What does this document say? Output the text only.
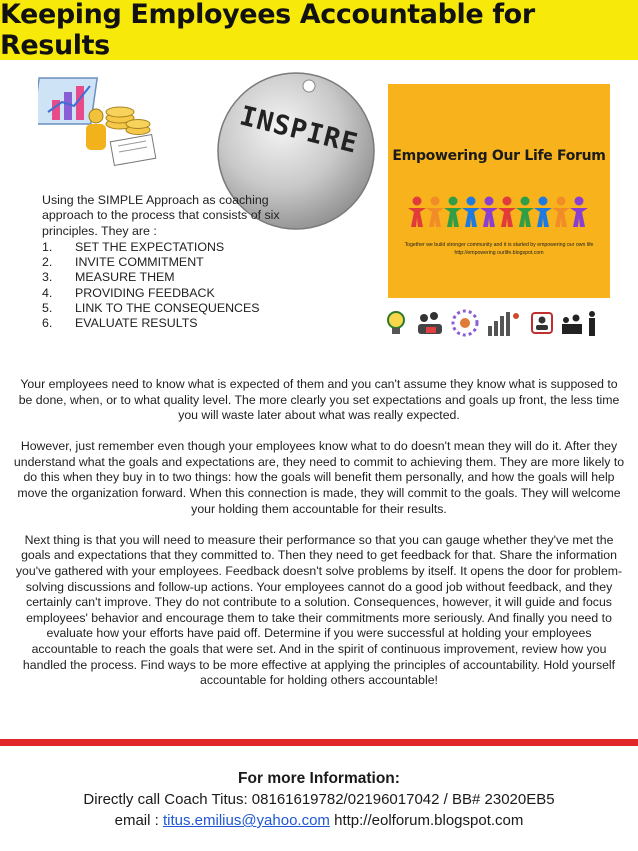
Keeping Employees Accountable for Results
INSPIRE

Using the SIMPLE Approach as coaching approach to the process that consists of six principles. They are :

1.	SET THE EXPECTATIONS
2.	INVITE COMMITMENT
3.	MEASURE THEM
4.	PROVIDING FEEDBACK
5.	LINK TO THE CONSEQUENCES
6.	EVALUATE RESULTS
Empowering Our Life Forum
Together we build stronger community and it is started by empowering our own life
http://empowering ourlife.blogspot.com

Your employees need to know what is expected of them and you can't assume they know what is supposed to be done, when, or to what quality level. The more clearly you set expectations and goals up front, the less time you will waste later about what was really expected.

However, just remember even though your employees know what to do doesn't mean they will do it. After they understand what the goals and expectations are, they need to commit to achieving them. They are more likely to do this when they buy in to two things: how the goals will benefit them personally, and how the goals will help move the organization forward. When this connection is made, they will commit to the goals. They will welcome your holding them accountable for their results.

Next thing is that you will need to measure their performance so that you can gauge whether they've met the goals and expectations that they committed to. Then they need to get feedback for that. Share the information you've gathered with your employees. Feedback doesn't solve problems by itself. It opens the door for problem-solving discussions and follow-up actions. Your employees cannot do a good job without feedback, and they certainly can't improve. They do not contribute to a solution. Consequences, however, it will guide and focus employees' behavior and encourage them to take their commitments more seriously. And finally you need to evaluate how your efforts have paid off. Determine if you were successful at holding your employees accountable to reach the goals that were set. And in the spirit of continuous improvement, review how you handled the process. Find ways to be more effective at applying the principles of accountability. Hold yourself accountable for holding others accountable!

For more Information:
Directly call Coach Titus: 08161619782/02196017042 / BB# 23020EB5
email : titus.emilius@yahoo.com http://eolforum.blogspot.com
